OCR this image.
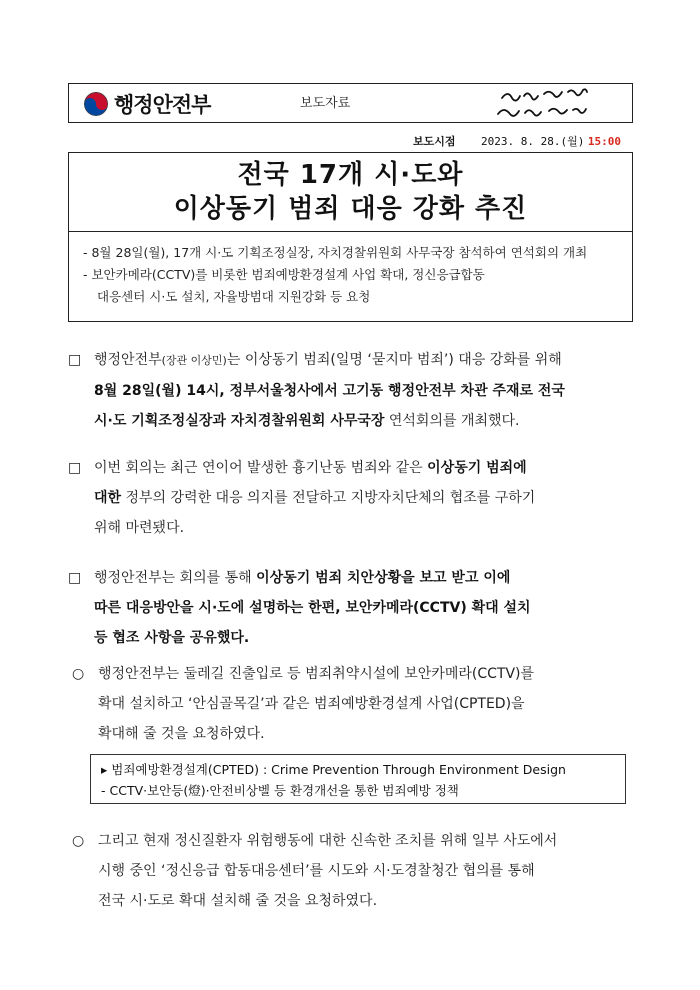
행정안전부	보도자료
보도시점 2023. 8. 28.(월) 15:00
전국 17개 시·도와
이상동기 범죄 대응 강화 추진
- 8월 28일(월), 17개 시·도 기획조정실장, 자치경찰위원회 사무국장 참석하여 연석회의 개최
- 보안카메라(CCTV)를 비롯한 범죄예방환경설계 사업 확대, 정신응급합동
대응센터 시·도 설치, 자율방범대 지원강화 등 요청
□ 행정안전부(장관 이상민)는 이상동기 범죄(일명 ‘묻지마 범죄’) 대응 강화를 위해
8월 28일(월) 14시, 정부서울청사에서 고기동 행정안전부 차관 주재로 전국
시·도 기획조정실장과 자치경찰위원회 사무국장 연석회의를 개최했다.
□ 이번 회의는 최근 연이어 발생한 흉기난동 범죄와 같은 이상동기 범죄에
대한 정부의 강력한 대응 의지를 전달하고 지방자치단체의 협조를 구하기
위해 마련됐다.
□ 행정안전부는 회의를 통해 이상동기 범죄 치안상황을 보고 받고 이에
따른 대응방안을 시·도에 설명하는 한편, 보안카메라(CCTV) 확대 설치
등 협조 사항을 공유했다.
○ 행정안전부는 둘레길 진출입로 등 범죄취약시설에 보안카메라(CCTV)를
확대 설치하고 ‘안심골목길’과 같은 범죄예방환경설계 사업(CPTED)을
확대해 줄 것을 요청하였다.
▸ 범죄예방환경설계(CPTED) : Crime Prevention Through Environment Design
- CCTV·보안등(燈)·안전비상벨 등 환경개선을 통한 범죄예방 정책
○ 그리고 현재 정신질환자 위험행동에 대한 신속한 조치를 위해 일부 사도에서
시행 중인 ‘정신응급 합동대응센터’를 시도와 시·도경찰청간 협의를 통해
전국 시·도로 확대 설치해 줄 것을 요청하였다.
